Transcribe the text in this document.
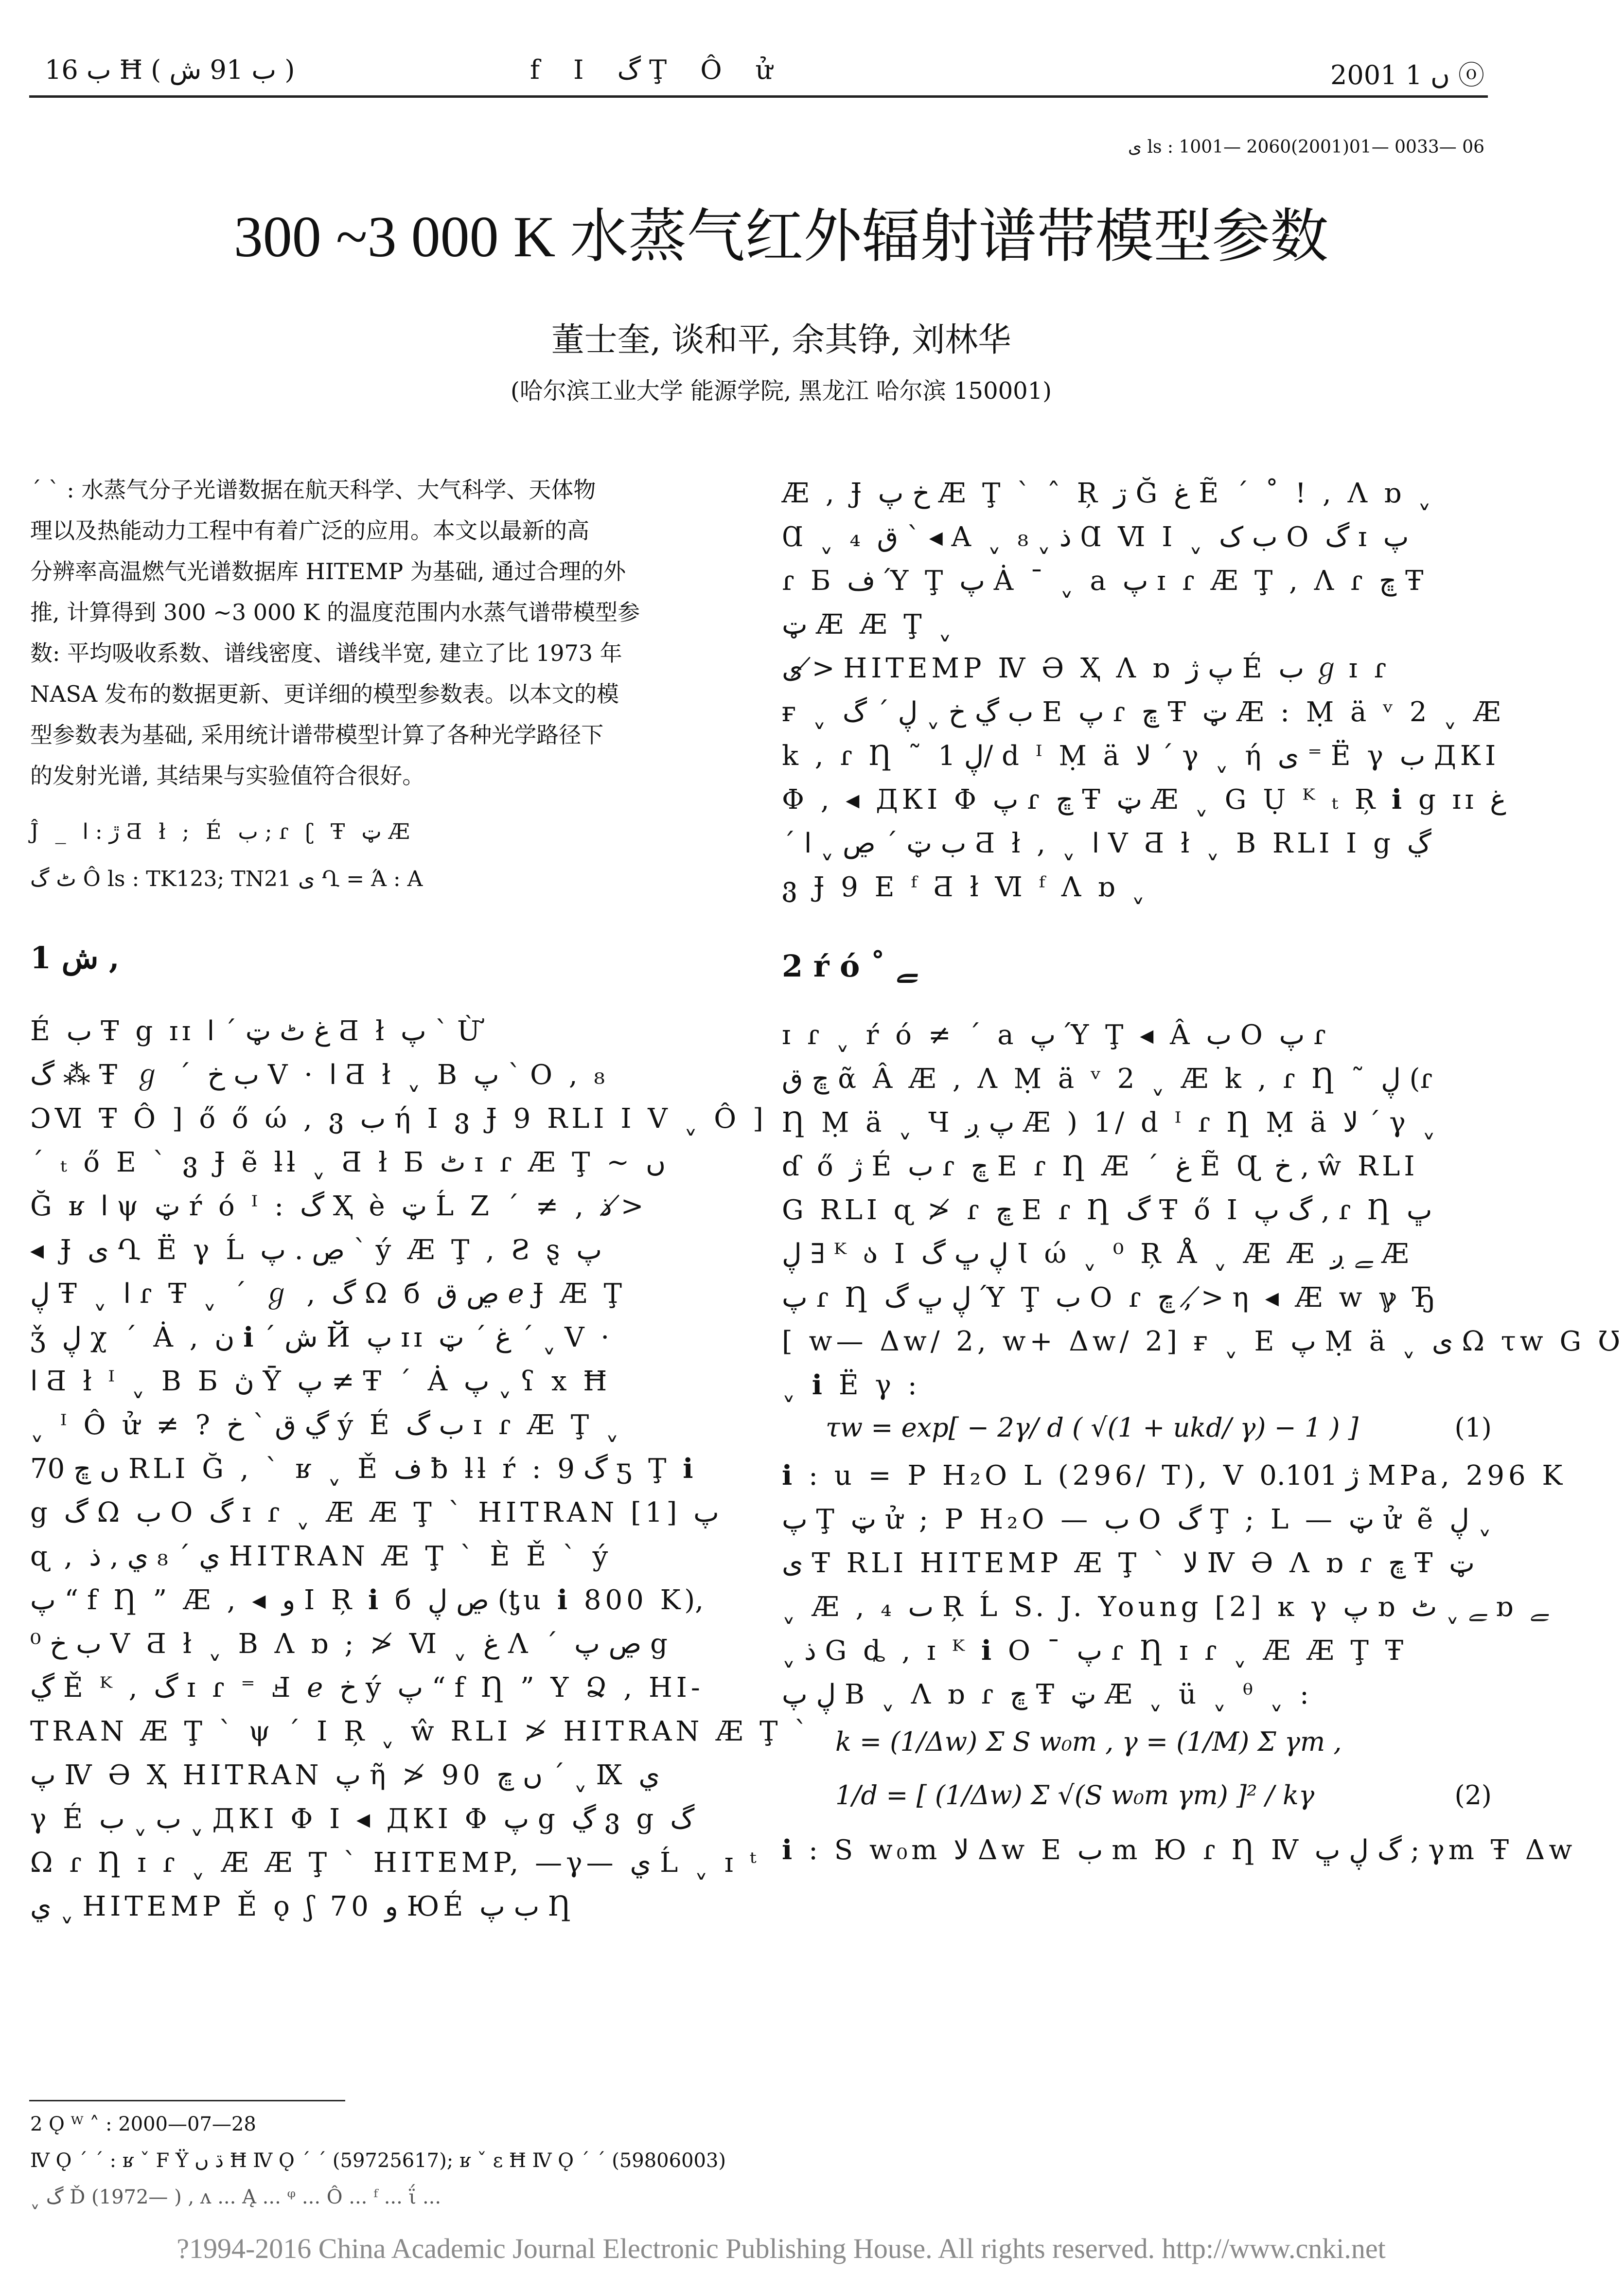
ب 16 Ħ ( ب 91 ش )	f I گ Ţ Ô ử	2001 ں 1 ⓞ
ى ls : 1001— 2060(2001)01— 0033— 06
300 ~3 000 K 水蒸气红外辐射谱带模型参数
董士奎, 谈和平, 余其铮, 刘林华
(哈尔滨工业大学 能源学院, 黑龙江 哈尔滨 150001)
ˊ ˋ : 水蒸气分子光谱数据在航天科学、大气科学、天体物
理以及热能动力工程中有着广泛的应用。本文以最新的高
分辨率高温燃气光谱数据库 HITEMP 为基础, 通过合理的外
推, 计算得到 300 ~3 000 K 的温度范围内水蒸气谱带模型参
数: 平均吸收系数、谱线密度、谱线半宽, 建立了比 1973 年
NASA 发布的数据更新、更详细的模型参数表。以本文的模
型参数表为基础, 采用统计谱带模型计算了各种光学路径下
的发射光谱, 其结果与实验值符合很好。
Ĵ _ ڙ : ا Ƌ ł ; É ب ; ɾ ʗ Ŧ ټ Æ
ٹ گ Ô ls : TK123; TN21 ى Ղ = Ά : A
1 ش ,
É ب Ŧ g ɪɪ غ ٹ ټ ˊ ا Ƌ ł پ ˋ Ừ
گ ⁂ Ŧ ℊ ˊ ب خ V · ا Ƌ ł ˬ B پ ˋ O , ₈
ƆⅥ Ŧ Ô ] ő ő ώ , ვ ب ή Ⅰ ვ Ɉ 9 RLI Ⅰ Ⅴ ˬ Ô ]
ˊ ₜ ő E ˋ ვ Ɉ ẽ ƚƚ ˬ Ƌ ł Б ٹ ɪ ɾ Æ Ţ ~ ں
Ğ ʁ ا ψ ټ ŕ ó ᴵ : گ Ҳ è ټ Ĺ Ζ ˊ ≠ , ذ ≯
◂ Ɉ ى Ղ Ë γ Ĺ ڝ . پ ˋ ý Æ Ţ , Ƨ ȿ پ
ڸ Ŧ ˬ ا ɾ Ŧ ˬ ˊ ℊ , گ Ω б ڝ ق ℯ Ɉ Æ Ţ
ǯ ڸ χ ˊ Ȧ , ن ℹ ˊ ش Й پ ɪɪ غ ˊ ټ ˊ ˬ V ·
ا Ƌ ł ᴵ ˬ B Б ڽ Ȳ پ ≠ Ŧ ˊ Ȧ پ ˬ ʕ x Ħ
ˬ ᴵ Ô ử ≠ ? ڲ ق ˋ خ ý É ب گ ɪ ɾ Æ Ţ ˬ
70 ں ڇ RLI Ğ , ˋ ʁ ˬ Ě ف ƀ ƚƚ ŕ : گ 9 ƽ Ţ ℹ
g گ Ω ب O گ ɪ ɾ ˬ Æ Æ Ţ ˋ HITRAN [1] پ
ɋ , ي ˊ ₈ ي , ذ HITRAN Æ Ţ ˋ È Ě ˋ ý
پ “ f Ƞ ” Æ , ◂ و I Ŗ ℹ б ڝ ڸ (ƫu ℹ 800 K),
⁰ ب خ V Ƌ ł ˬ B Ʌ ɒ ; ≯ Ⅵ ˬ غ Ʌ ˊ ڝ پ g
ڲ Ě ᴷ , گ ɪ ɾ ⁼ Ⅎ ℯ خ ý پ “ f Ƞ ” Υ Ձ , HI-
TRAN Æ Ţ ˋ ψ ˊ I Ŗ ˬ ŵ RLI ≯ HITRAN Æ Ţ ˋ
پ Ⅳ Ə Ҳ HITRAN پ ῆ ≯ 90 ں ڇ ˊ ˬ Ⅸ ي
γ É ب ˬ ب ˬ ДКI Φ Ⅰ ◂ ДКI Φ پ g ڲ ვ g گ
Ω ɾ Ƞ ɪ ɾ ˬ Æ Æ Ţ ˋ HITEMP, —γ— ي Ĺ ˬ ɪ ᵗ
ي ˬ HITEMP Ě ǫ ʃ 70 و ЮÉ ب پ Ƞ
Æ , Ɉ خ پ Æ Ţ ˋ ˆ Ŗ ڗ Ğ غ Ẽ ˊ ˚ ! , Ʌ ɒ ˬ
Ɑ ˬ ₄ ق ˋ ◂ A ˬ ذ ˬ ₈ Ɑ Ⅵ I ˬ ب ک O گ ɪ پ
ɾ Б ف Ύ Ţ پ Ȧ ˉ ˬ a پ ɪ ɾ Æ Ţ , Ʌ ɾ ڇ Ŧ
ټ Æ Æ Ţ ˬ
ى ≯ HITEMP Ⅳ Ə Ҳ Ʌ ɒ پ ژ É ب ℊ ɪ ɾ
ғ ˬ ﺏ ڲ خ ˬ ڸ ˊ گ E پ ɾ ڇ Ŧ ټ Æ : Ṃ ä ᵛ 2 ˬ Æ
k , ɾ Ƞ ˜ ڸ 1/ d ᴵ Ṃ ä ﻻ ˊ γ ˬ ή ى ⁼ Ë γ ب ДКI
Φ , ◂ ДКI Φ پ ɾ ڇ Ŧ ټ Æ ˬ G Ụ ᴷ ₜ Ŗ ℹ g ɪɪ غ
ˊ ب ټ ˊ ڝ ˬ ا Ƌ ł , ˬ ا Ⅴ Ƌ ł ˬ B RLI Ⅰ g ڲ
ვ Ɉ 9 E ᶠ Ƌ ł Ⅵ ᶠ Ʌ ɒ ˬ
2 ŕ ó ˚ ﮯ
ɪ ɾ ˬ ŕ ó ≠ ˊ a پ Ύ Ţ ◂ Â ب O پ ɾ
ڇ ق ᾶ Â Æ , Ʌ Ṃ ä ᵛ 2 ˬ Æ k , ɾ Ƞ ˜ ڸ (ɾ
Ƞ Ṃ ä ˬ Ч پ ږ Æ ) 1/ d ᴵ ɾ Ƞ Ṃ ä ﻻ ˊ γ ˬ
ɗ ő ژ É ب ɾ ڇ E ɾ Ƞ Æ ˊ غ Ẽ Ɋ خ , ŵ RLI
G RLI ɋ ≯ ɾ ڇ E ɾ Ƞ گ Ŧ ő Ⅰ گ پ , ɾ Ƞ ڀ
ڸ ∃ ᴷ ა Ⅰ ڸ ڀ گ Ɩ ώ ˬ ⁰ Ŗ Å ˬ Æ Æ ﮯ ږ Æ
پ ɾ Ƞ ڸ ڀ گ Ύ Ţ ب O ɾ ڇ , ≯ η ◂ Æ w ℽ Ђ
[ w— Δw/ 2, w+ Δw/ 2] ғ ˬ E پ Ṃ ä ˬ ی Ω τw G Ʊ
ˬ ℹ Ë γ :
τw = exp[ − 2γ/ d ( √(1 + ukd/ γ) − 1 ) ]	(1)
ℹ : u = P H₂O L (296/ T), Ⅴ ژ 0.101 MPa, 296 K
پ Ţ ټ ử ; P H₂O — ب O گ Ţ ; L — ټ ử ẽ ڸ ˬ
ى Ŧ RLI HITEMP Æ Ţ ˋ ﻻ Ⅳ Ə Ʌ ɒ ɾ ڇ Ŧ ټ
ˬ Æ , ₄ ٮ Ŗ Ĺ S. J. Young [2] ĸ γ پ ɒ ﮯ ˬ ٹ ɒ ﮯ
ˬ ذ G ȡ , ɪ ᴷ ℹ O ˉ پ ɾ Ƞ ɪ ɾ ˬ Æ Æ Ţ Ŧ
ڸ پ B ˬ Ʌ ɒ ɾ ڇ Ŧ ټ Æ ˬ ü ˬ ᶿ ˬ :
k = (1/Δw) Σ S w₀m , γ = (1/M) Σ γm ,
1/d = [ (1/Δw) Σ √(S w₀m γm) ]² / kγ	(2)
ℹ : S w₀m ﻻ Δw E ب m Ю ɾ Ƞ Ⅳ گ ڸ ڀ ; γm Ŧ Δw
2 Ǫ ᵂ ˄ : 2000—07—28
Ⅳ Ǫ ˊ ˊ : ʁ ˇ F Ÿ ڌ ں Ħ Ⅳ Ǫ ˊ ˊ (59725617); ʁ ˇ ε Ħ Ⅳ Ǫ ˊ ˊ (59806003)
ˬ گ Ď (1972— ) , ʌ ... Ą ... ᵠ ... Ô ... ᶠ ... ΐ ...
?1994-2016 China Academic Journal Electronic Publishing House. All rights reserved. http://www.cnki.net
